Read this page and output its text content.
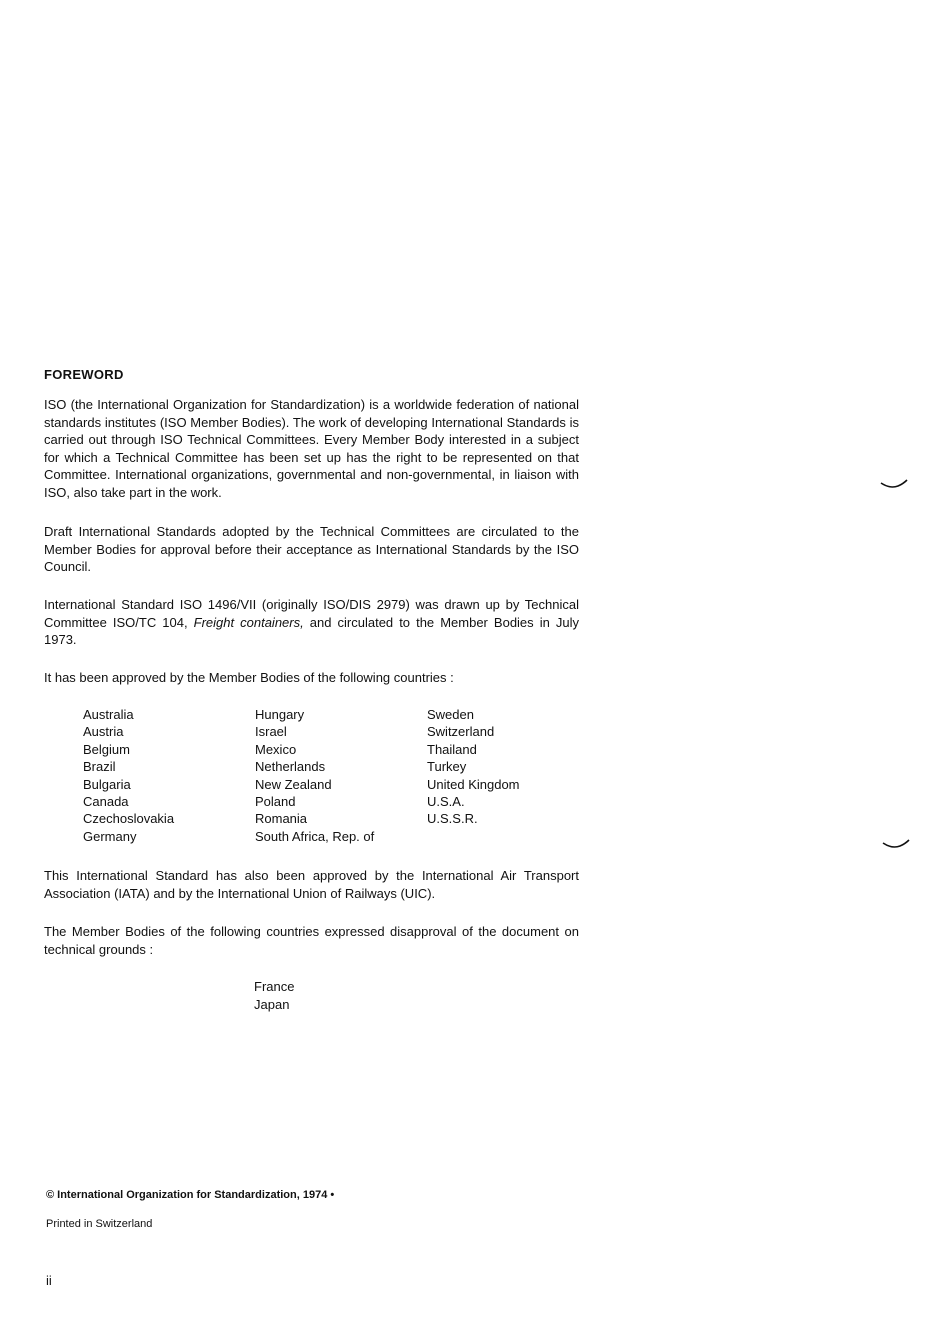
FOREWORD

ISO (the International Organization for Standardization) is a worldwide federation of national standards institutes (ISO Member Bodies). The work of developing International Standards is carried out through ISO Technical Committees. Every Member Body interested in a subject for which a Technical Committee has been set up has the right to be represented on that Committee. International organizations, governmental and non-governmental, in liaison with ISO, also take part in the work.

Draft International Standards adopted by the Technical Committees are circulated to the Member Bodies for approval before their acceptance as International Standards by the ISO Council.

International Standard ISO 1496/VII (originally ISO/DIS 2979) was drawn up by Technical Committee ISO/TC 104, Freight containers, and circulated to the Member Bodies in July 1973.

It has been approved by the Member Bodies of the following countries :

Australia
Austria
Belgium
Brazil
Bulgaria
Canada
Czechoslovakia
Germany
Hungary
Israel
Mexico
Netherlands
New Zealand
Poland
Romania
South Africa, Rep. of
Sweden
Switzerland
Thailand
Turkey
United Kingdom
U.S.A.
U.S.S.R.

This International Standard has also been approved by the International Air Transport Association (IATA) and by the International Union of Railways (UIC).

The Member Bodies of the following countries expressed disapproval of the document on technical grounds :

France
Japan
© International Organization for Standardization, 1974 •
Printed in Switzerland
ii
